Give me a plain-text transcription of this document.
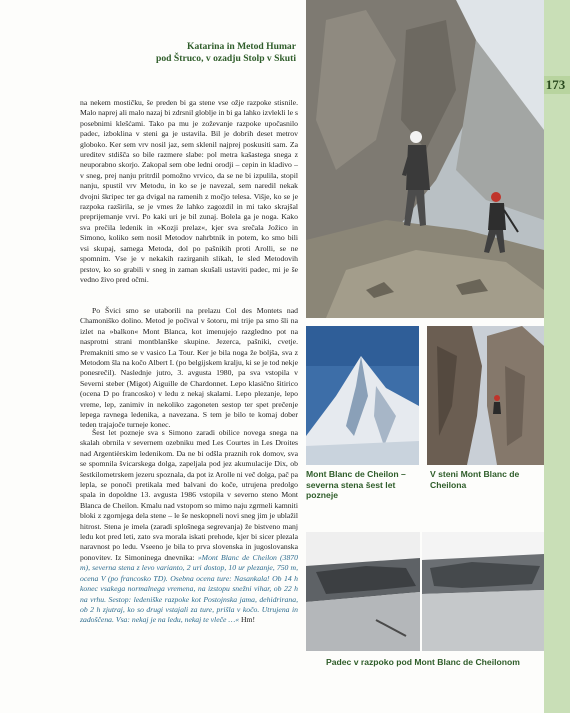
173
Katarina in Metod Humar
pod Štruco, v ozadju Stolp v Skuti
Mont Blanc de Cheilon – severna stena šest let pozneje
V steni Mont Blanc de Cheilona
Padec v razpoko pod Mont Blanc de Cheilonom

na nekem mostičku, še preden bi ga stene vse ožje razpoke stisnile. Malo naprej ali malo nazaj bi zdrsnil globlje in bi ga lahko izvlekli le s posebnimi klešćami. Tako pa mu je zoževanje razpoke upočasnilo padec, izboklina v steni ga je ustavila. Bil je dobrih deset metrov globoko. Ker sem vrv nosil jaz, sem sklenil najprej poskusiti sam. Za ureditev stdišča so bile razmere slabe: pol metra kašastega snega z neuporabno skorjo. Zakopal sem obe ledni orodji – cepin in kladivo – v sneg, prej nanju pritrdil pomožno vrvico, da se ne bi izpulila, stopil nanju, spustil vrv Metodu, in ko se je navezal, sem naredil nekak dvojni škripec ter ga dvigal na ramenih z močjo telesa. Višje, ko se je razpoka razširila, se je vmes že lahko zagozdil in mi tako skrajšal preprijemanje vrvi. Po kaki uri je bil zunaj. Bolela ga je noga. Kako sva prečila ledenik in »Kozji prelaz«, kjer sva srečala Jožico in Simono, koliko sem nosil Metodov nahrbtnik in potem, ko smo bili vsi skupaj, samega Metoda, dol po pašnikih proti Arolli, se ne spomnim. Vse je v nekakih razirganih slikah, le sled Metodovih prstov, ko so grabili v sneg in zaman skušali ustaviti padec, mi je še vedno živo pred očmi.

Po Švici smo se utaborili na prelazu Col des Montets nad Chamoniško dolino. Metod je počival v šotoru, mi trije pa smo šli na izlet na »balkon« Mont Blanca, kot imenujejo razgledno pot na nasprotni strani montblanške skupine. Jezerca, pašniki, cvetje. Premakniti smo se v vasico La Tour. Ker je bila noga že boljša, sva z Metodom šla na kočo Albert I. (po belgijskem kralju, ki se je tod nekje ponesrečil). Naslednje jutro, 3. avgusta 1980, pa sva vstopila v Severni steber (Migot) Aiguille de Chardonnet. Lepo klasično šitirico (ocena D po francosko) v ledu z nekaj skalami. Lepo plezanje, lepo vreme, lep, zanimiv in nekoliko zagoneten sestop ter spet prečenje lepega ravnega ledenika, a navezana. S tem je bilo te komaj dober teden trajajoče turneje konec.

Šest let pozneje sva s Simono zaradi obilice novega snega na skalah obrnila v severnem ozebniku med Les Courtes in Les Droites nad Argentièrskim ledenikom. Da ne bi odšla praznih rok domov, sva se spomnila švicarskega dolga, zapeljala pod jez akumulacije Dix, ob šestkilometrskem jezeru spoznala, da pot iz Arolle ni več dolga, pač pa lepla, se ponoči pretikala med balvani do koče, utrujena predolgo spala in dopoldne 13. avgusta 1986 vstopila v severno steno Mont Blanca de Cheilon. Kmalu nad vstopom so mimo naju zgrmeli kamniti bloki z zgornjega dela stene – le še neskopneli novi sneg jim je ublažil hitrost. Stena je imela (zaradi splošnega segrevanja) že bistveno manj ledu kot pred leti, zato sva morala iskati prehode, kjer bi sicer plezala naravnost po ledu. Vseeno je bila to prva slovenska in jugoslovanska ponovitev. Iz Simoninega dnevnika: »Mont Blanc de Cheilon (3870 m), severna stena z levo varianto, 2 uri dostop, 10 ur plezanje, 750 m, ocena V (po francosko TD). Osebna ocena ture: Nasankala! Ob 14 h konec vsakega normalnega vremena, na izstopu snežni vihar, ob 22 h na vrhu. Sestop: ledeniške razpoke kot Postojnska jama, dehidrirana, ob 2 h zjutraj, ko so drugi vstajali za ture, prišla v kočo. Utrujena in zadoščena. Vsa: nekaj je na ledu, nekaj te vleče …« Hm!
